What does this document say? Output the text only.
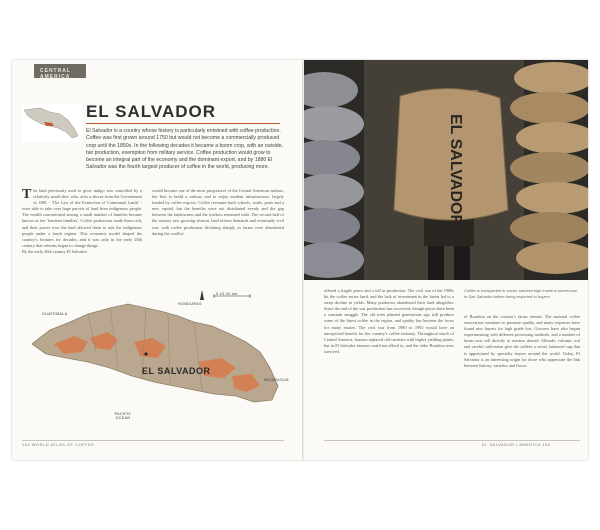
CENTRAL AMERICA
EL SALVADOR

El Salvador is a country whose history is particularly entwined with coffee production. Coffee was first grown around 1750 but would not become a commercially produced crop until the 1850s. In the following decades it became a boom crop, with an outside, fair production, exemption from military service. Coffee production would grow to become an integral part of the economy and the dominant export, and by 1880 El Salvador was the fourth largest producer of coffee in the world, producing more.

The land previously used to grow indigo was controlled by a relatively small elite, who, after a decree from the Government in 1881 - 'The Law of the Extinction of Communal Lands' - were able to take over huge parcels of land from indigenous people. The wealth concentrated among a small number of families became known as the 'fourteen families'. Coffee production made them rich, and their power over the land allowed them to rule the indigenous people under a harsh regime. This economic model shaped the country's fortunes for decades, and it was only in the early 20th century that reforms began to change things.
By the early 20th century El Salvador

would become one of the most progressive of the Central American nations, the first to build a railway and to enjoy modern infrastructure, largely funded by coffee exports. Coffee revenues built schools, roads, ports and a new capital, but the benefits were not distributed evenly and the gap between the landowners and the workers remained wide. The second half of the century saw growing tension, land reform demands and eventually civil war, with coffee production declining sharply as farms were abandoned during the conflict.

GUATEMALA
HONDURAS
NICARAGUA
PACIFIC OCEAN
0 10 20 km
EL SALVADOR
104 WORLD ATLAS OF COFFEE
EL SALVADOR

offered a fragile peace and a fall in production. The civil war of the 1980s hit the coffee sector hard, and the lack of investment in the farms led to a steep decline in yields. Many producers abandoned their land altogether. Since the end of the war production has recovered, though prices have been a constant struggle. The old trees planted generations ago still produce some of the finest coffee in the region, and quality has become the focus for many estates. The civil war from 1980 to 1992 would have an unexpected benefit for the country's coffee industry. Throughout much of Central America, farmers replaced old varieties with higher yielding plants, but in El Salvador farmers could not afford to, and the older Bourbon trees survived.

Coffee is transported in sacks, stacked high inside a warehouse in San Salvador before being exported to buyers.

of Bourbon on the country's farms remain. The national coffee association continues to promote quality, and many exporters have found new buyers for high grade lots. Growers have also begun experimenting with different processing methods, and a number of farms now sell directly to roasters abroad. Altitude, volcanic soil and careful cultivation give the coffees a sweet, balanced cup that is appreciated by specialty buyers around the world. Today, El Salvador is an interesting origin for those who appreciate the link between history, varieties and flavor.

EL SALVADOR | AMERICA 105
